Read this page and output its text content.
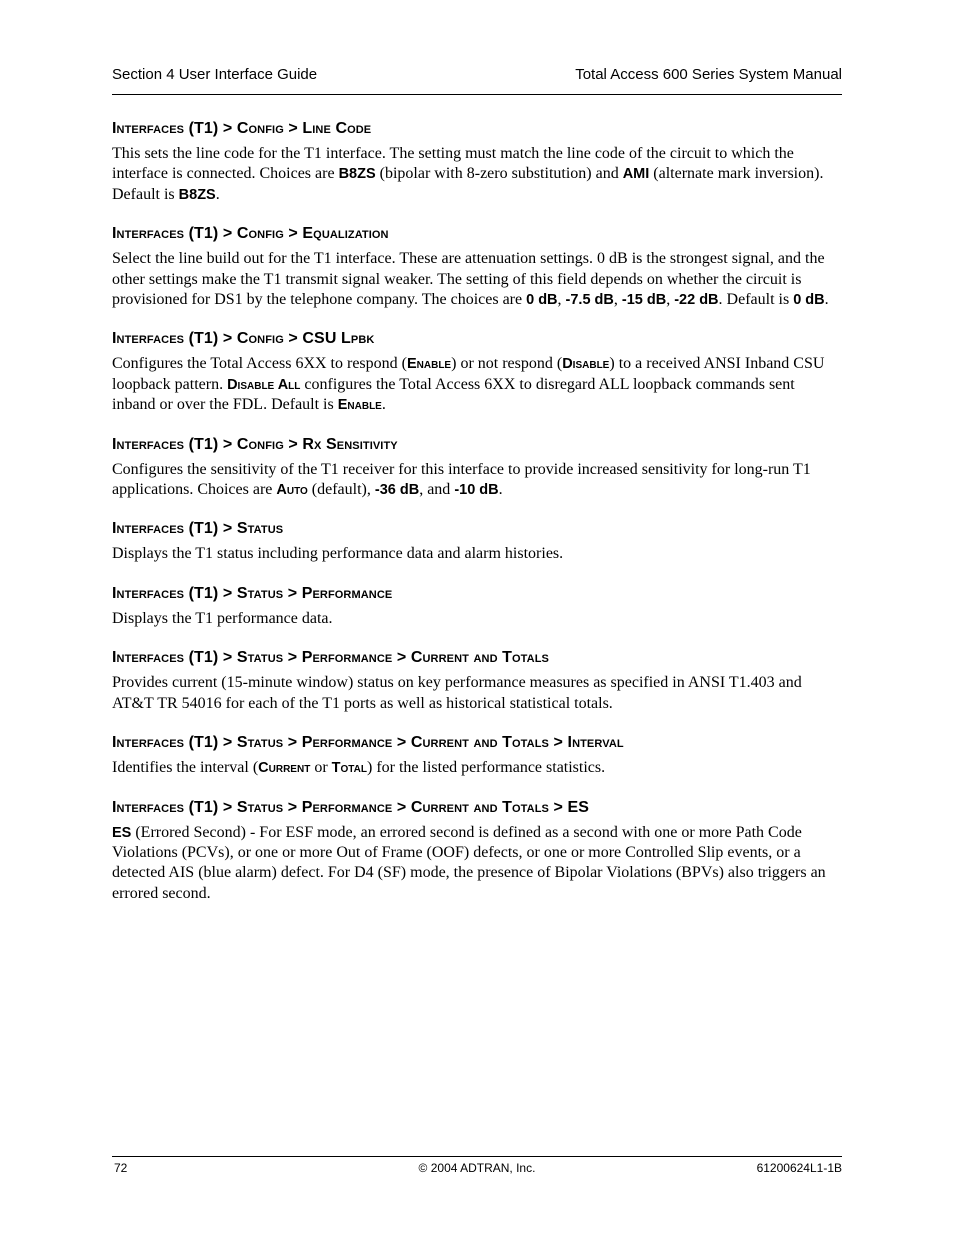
Section 4 User Interface Guide	Total Access 600 Series System Manual
Interfaces (T1) > Config > Line Code

This sets the line code for the T1 interface. The setting must match the line code of the circuit to which the interface is connected. Choices are B8ZS (bipolar with 8-zero substitution) and AMI (alternate mark inversion). Default is B8ZS.

Interfaces (T1) > Config > Equalization

Select the line build out for the T1 interface. These are attenuation settings. 0 dB is the strongest signal, and the other settings make the T1 transmit signal weaker. The setting of this field depends on whether the circuit is provisioned for DS1 by the telephone company. The choices are 0 dB, -7.5 dB, -15 dB, -22 dB. Default is 0 dB.

Interfaces (T1) > Config > CSU Lpbk

Configures the Total Access 6XX to respond (Enable) or not respond (Disable) to a received ANSI Inband CSU loopback pattern. Disable All configures the Total Access 6XX to disregard ALL loopback commands sent inband or over the FDL. Default is Enable.

Interfaces (T1) > Config > Rx Sensitivity

Configures the sensitivity of the T1 receiver for this interface to provide increased sensitivity for long-run T1 applications. Choices are Auto (default), -36 dB, and -10 dB.

Interfaces (T1) > Status

Displays the T1 status including performance data and alarm histories.

Interfaces (T1) > Status > Performance

Displays the T1 performance data.

Interfaces (T1) > Status > Performance > Current and Totals

Provides current (15-minute window) status on key performance measures as specified in ANSI T1.403 and AT&T TR 54016 for each of the T1 ports as well as historical statistical totals.

Interfaces (T1) > Status > Performance > Current and Totals > Interval

Identifies the interval (Current or Total) for the listed performance statistics.

Interfaces (T1) > Status > Performance > Current and Totals > ES

ES (Errored Second) - For ESF mode, an errored second is defined as a second with one or more Path Code Violations (PCVs), or one or more Out of Frame (OOF) defects, or one or more Controlled Slip events, or a detected AIS (blue alarm) defect. For D4 (SF) mode, the presence of Bipolar Violations (BPVs) also triggers an errored second.

72	© 2004 ADTRAN, Inc.	61200624L1-1B
